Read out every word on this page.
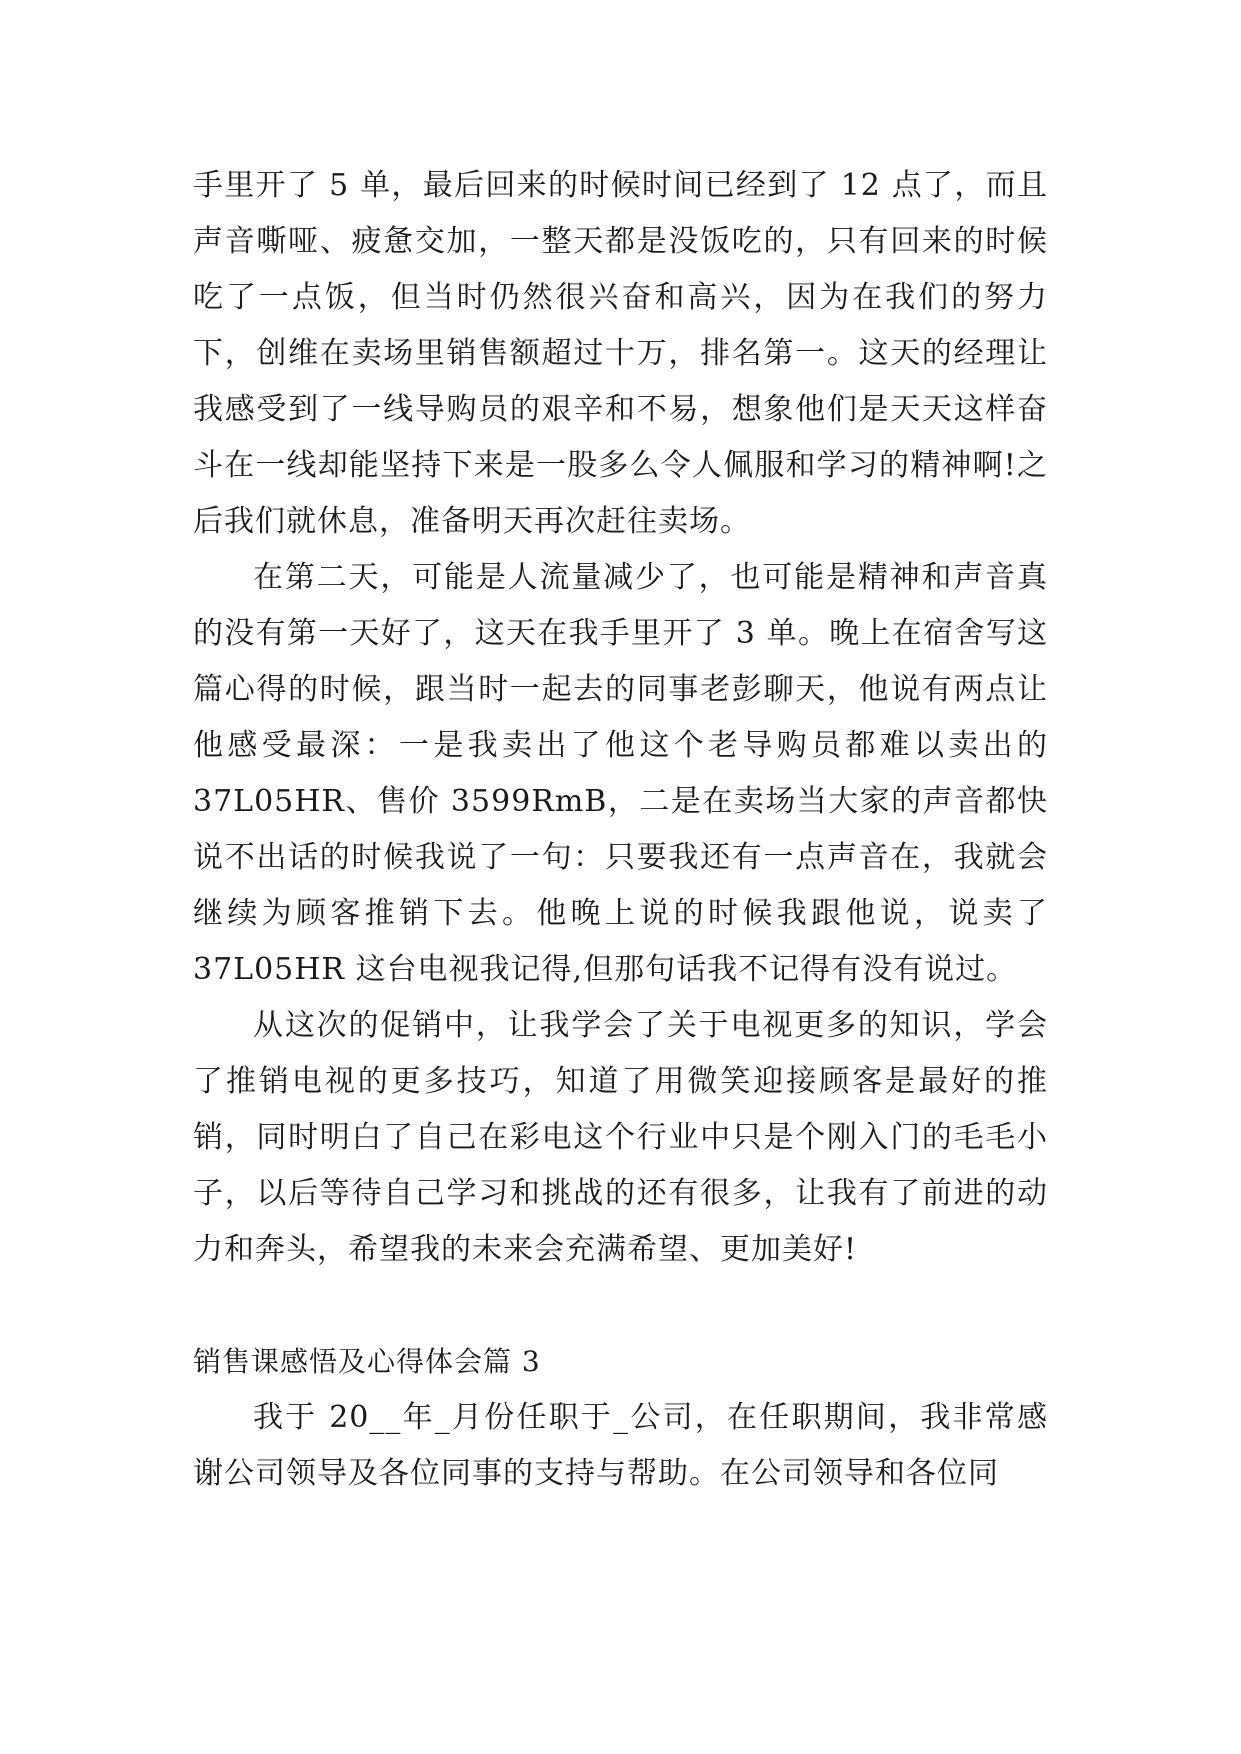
手里开了 5 单，最后回来的时候时间已经到了 12 点了，而且声音嘶哑、疲惫交加，一整天都是没饭吃的，只有回来的时候吃了一点饭，但当时仍然很兴奋和高兴，因为在我们的努力下，创维在卖场里销售额超过十万，排名第一。这天的经理让我感受到了一线导购员的艰辛和不易，想象他们是天天这样奋斗在一线却能坚持下来是一股多么令人佩服和学习的精神啊!之后我们就休息，准备明天再次赶往卖场。

在第二天，可能是人流量减少了，也可能是精神和声音真的没有第一天好了，这天在我手里开了 3 单。晚上在宿舍写这篇心得的时候，跟当时一起去的同事老彭聊天，他说有两点让他感受最深：一是我卖出了他这个老导购员都难以卖出的 37L05HR、售价 3599RmB，二是在卖场当大家的声音都快说不出话的时候我说了一句：只要我还有一点声音在，我就会继续为顾客推销下去。他晚上说的时候我跟他说，说卖了 37L05HR 这台电视我记得,但那句话我不记得有没有说过。

从这次的促销中，让我学会了关于电视更多的知识，学会了推销电视的更多技巧，知道了用微笑迎接顾客是最好的推销，同时明白了自己在彩电这个行业中只是个刚入门的毛毛小子，以后等待自己学习和挑战的还有很多，让我有了前进的动力和奔头，希望我的未来会充满希望、更加美好!

销售课感悟及心得体会篇 3

我于 20__年_月份任职于_公司，在任职期间，我非常感谢公司领导及各位同事的支持与帮助。在公司领导和各位同
